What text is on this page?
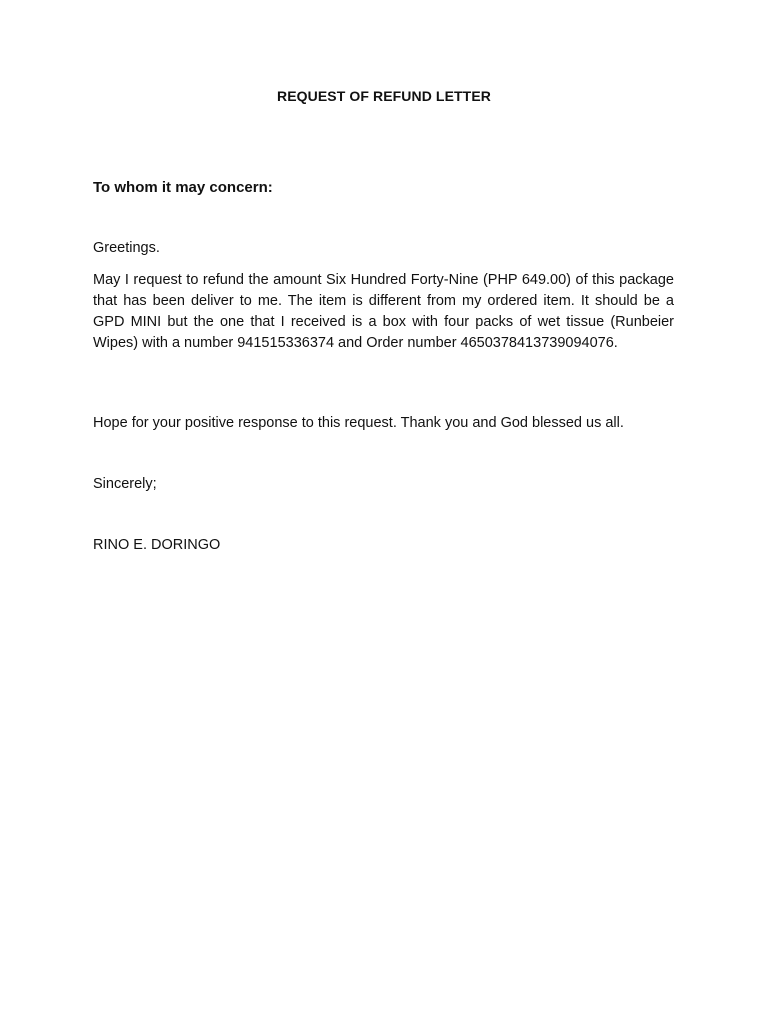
REQUEST OF REFUND LETTER
To whom it may concern:
Greetings.
May I request to refund the amount Six Hundred Forty-Nine (PHP 649.00) of this package that has been deliver to me. The item is different from my ordered item. It should be a GPD MINI but the one that I received is a box with four packs of wet tissue (Runbeier Wipes) with a number 941515336374 and Order number 4650378413739094076.
Hope for your positive response to this request. Thank you and God blessed us all.
Sincerely;
RINO E. DORINGO
